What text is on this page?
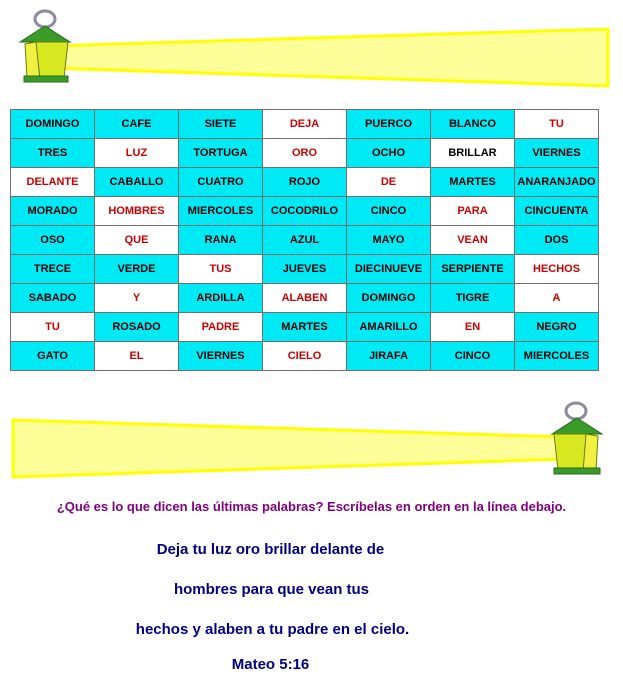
DOMINGO	CAFE	SIETE	DEJA	PUERCO	BLANCO	TU
TRES	LUZ	TORTUGA	ORO	OCHO	BRILLAR	VIERNES
DELANTE	CABALLO	CUATRO	ROJO	DE	MARTES	ANARANJADO
MORADO	HOMBRES	MIERCOLES	COCODRILO	CINCO	PARA	CINCUENTA
OSO	QUE	RANA	AZUL	MAYO	VEAN	DOS
TRECE	VERDE	TUS	JUEVES	DIECINUEVE	SERPIENTE	HECHOS
SABADO	Y	ARDILLA	ALABEN	DOMINGO	TIGRE	A
TU	ROSADO	PADRE	MARTES	AMARILLO	EN	NEGRO
GATO	EL	VIERNES	CIELO	JIRAFA	CINCO	MIERCOLES
¿Qué es lo que dicen las últimas palabras? Escríbelas en orden en la línea debajo.
Deja tu luz oro brillar delante de
hombres para que vean tus
hechos y alaben a tu padre en el cielo.
Mateo 5:16
